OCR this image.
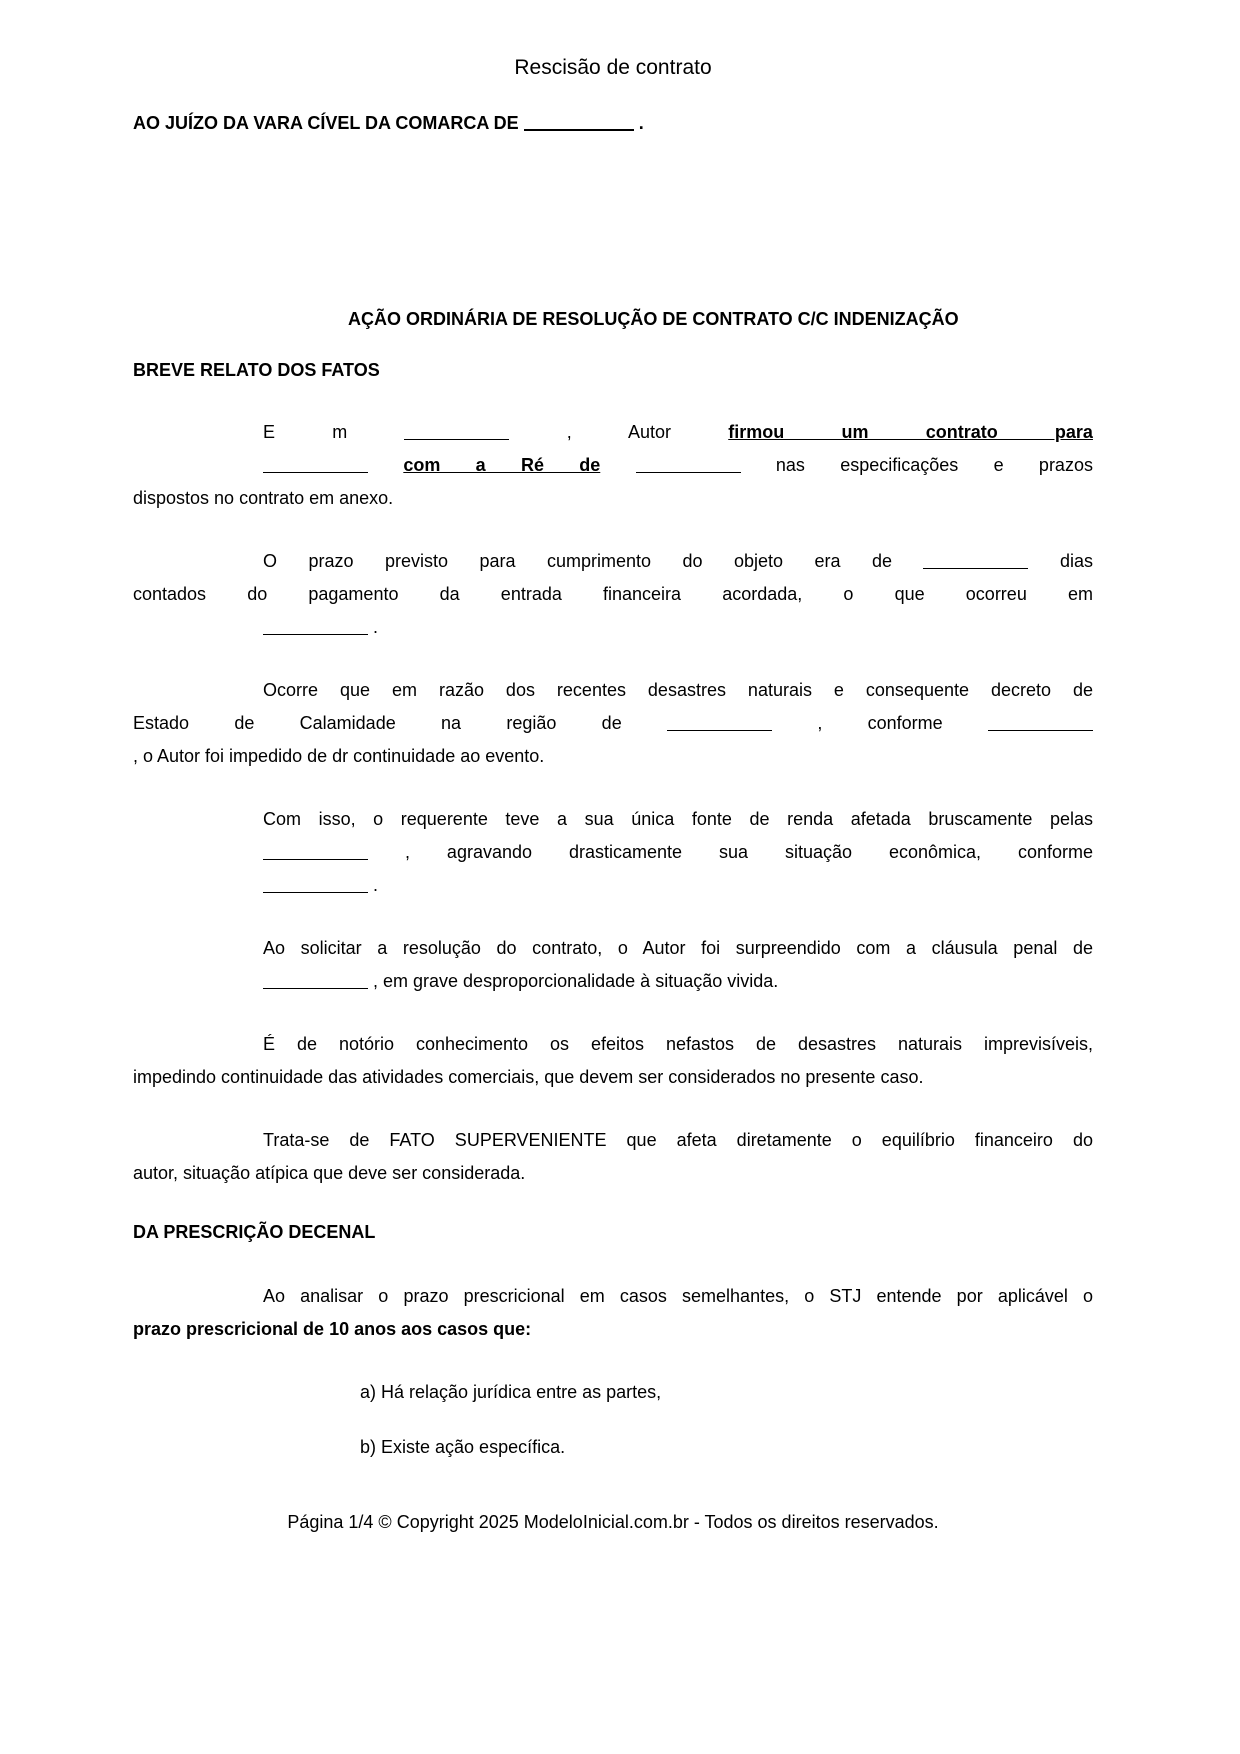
Rescisão de contrato
AO JUÍZO DA VARA CÍVEL DA COMARCA DE	.
AÇÃO ORDINÁRIA DE RESOLUÇÃO DE CONTRATO C/C INDENIZAÇÃO
BREVE RELATO DOS FATOS
E m	,	Autor	firmou um contrato para
com a Ré de	nas especificações e prazos
dispostos no contrato em anexo.
O prazo previsto para cumprimento do objeto era de	dias
contados do pagamento da entrada financeira acordada, o que ocorreu em
.
Ocorre que em razão dos recentes desastres naturais e consequente decreto de
Estado de Calamidade na região de	, conforme
, o Autor foi impedido de dr continuidade ao evento.
Com isso, o requerente teve a sua única fonte de renda afetada bruscamente pelas
, agravando drasticamente sua situação econômica, conforme
.
Ao solicitar a resolução do contrato, o Autor foi surpreendido com a cláusula penal de
, em grave desproporcionalidade à situação vivida.
É de notório conhecimento os efeitos nefastos de desastres naturais imprevisíveis,
impedindo continuidade das atividades comerciais, que devem ser considerados no presente caso.
Trata-se de FATO SUPERVENIENTE que afeta diretamente o equilíbrio financeiro do
autor, situação atípica que deve ser considerada.
DA PRESCRIÇÃO DECENAL
Ao analisar o prazo prescricional em casos semelhantes, o STJ entende por aplicável o
prazo prescricional de 10 anos aos casos que:
a) Há relação jurídica entre as partes,
b) Existe ação específica.
Página 1/4 © Copyright 2025 ModeloInicial.com.br - Todos os direitos reservados.
